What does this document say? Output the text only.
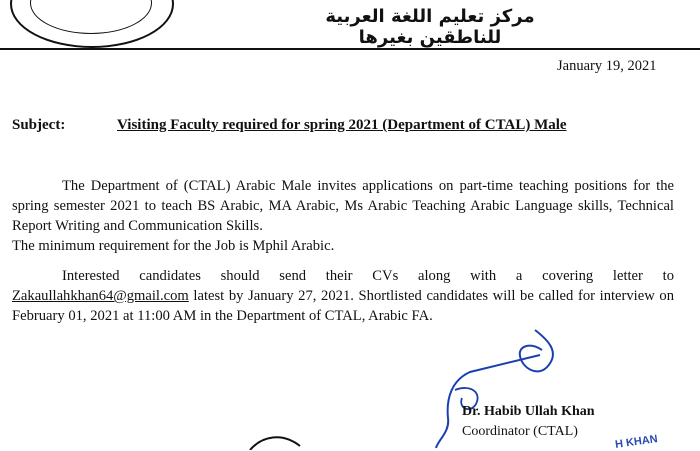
مركز تعليم اللغة العربية للناطقين بغيرها
January 19, 2021
Subject:	Visiting Faculty required for spring 2021 (Department of CTAL) Male

The Department of (CTAL) Arabic Male invites applications on part-time teaching positions for the spring semester 2021 to teach BS Arabic, MA Arabic, Ms Arabic Teaching Arabic Language skills, Technical Report Writing and Communication Skills.

The minimum requirement for the Job is Mphil Arabic.

Interested candidates should send their CVs along with a covering letter to Zakaullahkhan64@gmail.com latest by January 27, 2021. Shortlisted candidates will be called for interview on February 01, 2021 at 11:00 AM in the Department of CTAL, Arabic FA.

Dr. Habib Ullah Khan
Coordinator (CTAL)
H KHAN
